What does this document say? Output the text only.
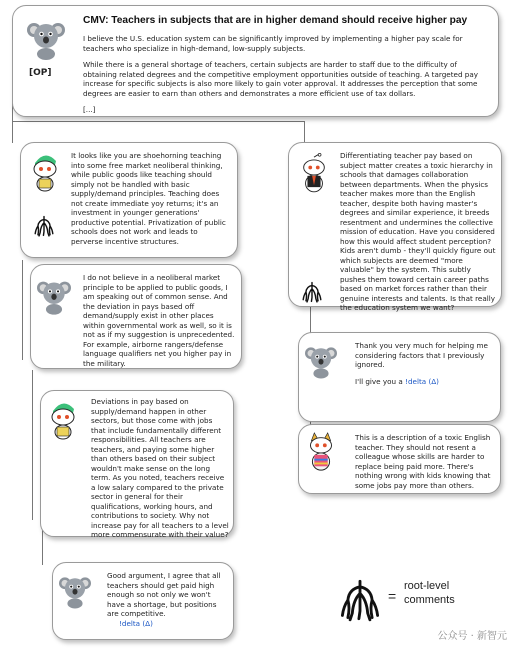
[OP]
CMV: Teachers in subjects that are in higher demand should receive higher pay

I believe the U.S. education system can be significantly improved by implementing a higher pay scale for teachers who specialize in high-demand, low-supply subjects.

While there is a general shortage of teachers, certain subjects are harder to staff due to the difficulty of obtaining related degrees and the competitive employment opportunities outside of teaching. A targeted pay increase for specific subjects is also more likely to gain voter approval. It addresses the perception that some degrees are easier to earn than others and demonstrates a more efficient use of tax dollars.

[...]

It looks like you are shoehorning teaching into some free market neoliberal thinking, while public goods like teaching should simply not be handled with basic supply/demand principles. Teaching does not create immediate yoy returns; it's an investment in younger generations' productive potential. Privatization of public schools does not work and leads to perverse incentive structures.
I do not believe in a neoliberal market principle to be applied to public goods, I am speaking out of common sense. And the deviation in pays based off demand/supply exist in other places within governmental work as well, so it is not as if my suggestion is unprecedented. For example, airborne rangers/defense language qualifiers net you higher pay in the military.
Deviations in pay based on supply/demand happen in other sectors, but those come with jobs that include fundamentally different responsibilities. All teachers are teachers, and paying some higher than others based on their subject wouldn't make sense on the long term. As you noted, teachers receive a low salary compared to the private sector in general for their qualifications, working hours, and contributions to society. Why not increase pay for all teachers to a level more commensurate with their value?
Good argument, I agree that all teachers should get paid high enough so not only we won't have a shortage, but positions are competitive.
!delta (Δ)
Differentiating teacher pay based on subject matter creates a toxic hierarchy in schools that damages collaboration between departments. When the physics teacher makes more than the English teacher, despite both having master's degrees and similar experience, it breeds resentment and undermines the collective mission of education. Have you considered how this would affect student perception? Kids aren't dumb - they'll quickly figure out which subjects are deemed "more valuable" by the system. This subtly pushes them toward certain career paths based on market forces rather than their genuine interests and talents. Is that really the education system we want?
Thank you very much for helping me considering factors that I previously ignored.
I'll give you a !delta (Δ)
This is a description of a toxic English teacher. They should not resent a colleague whose skills are harder to replace being paid more. There's nothing wrong with kids knowing that some jobs pay more than others.
=
root-level
comments
公众号 · 新智元
